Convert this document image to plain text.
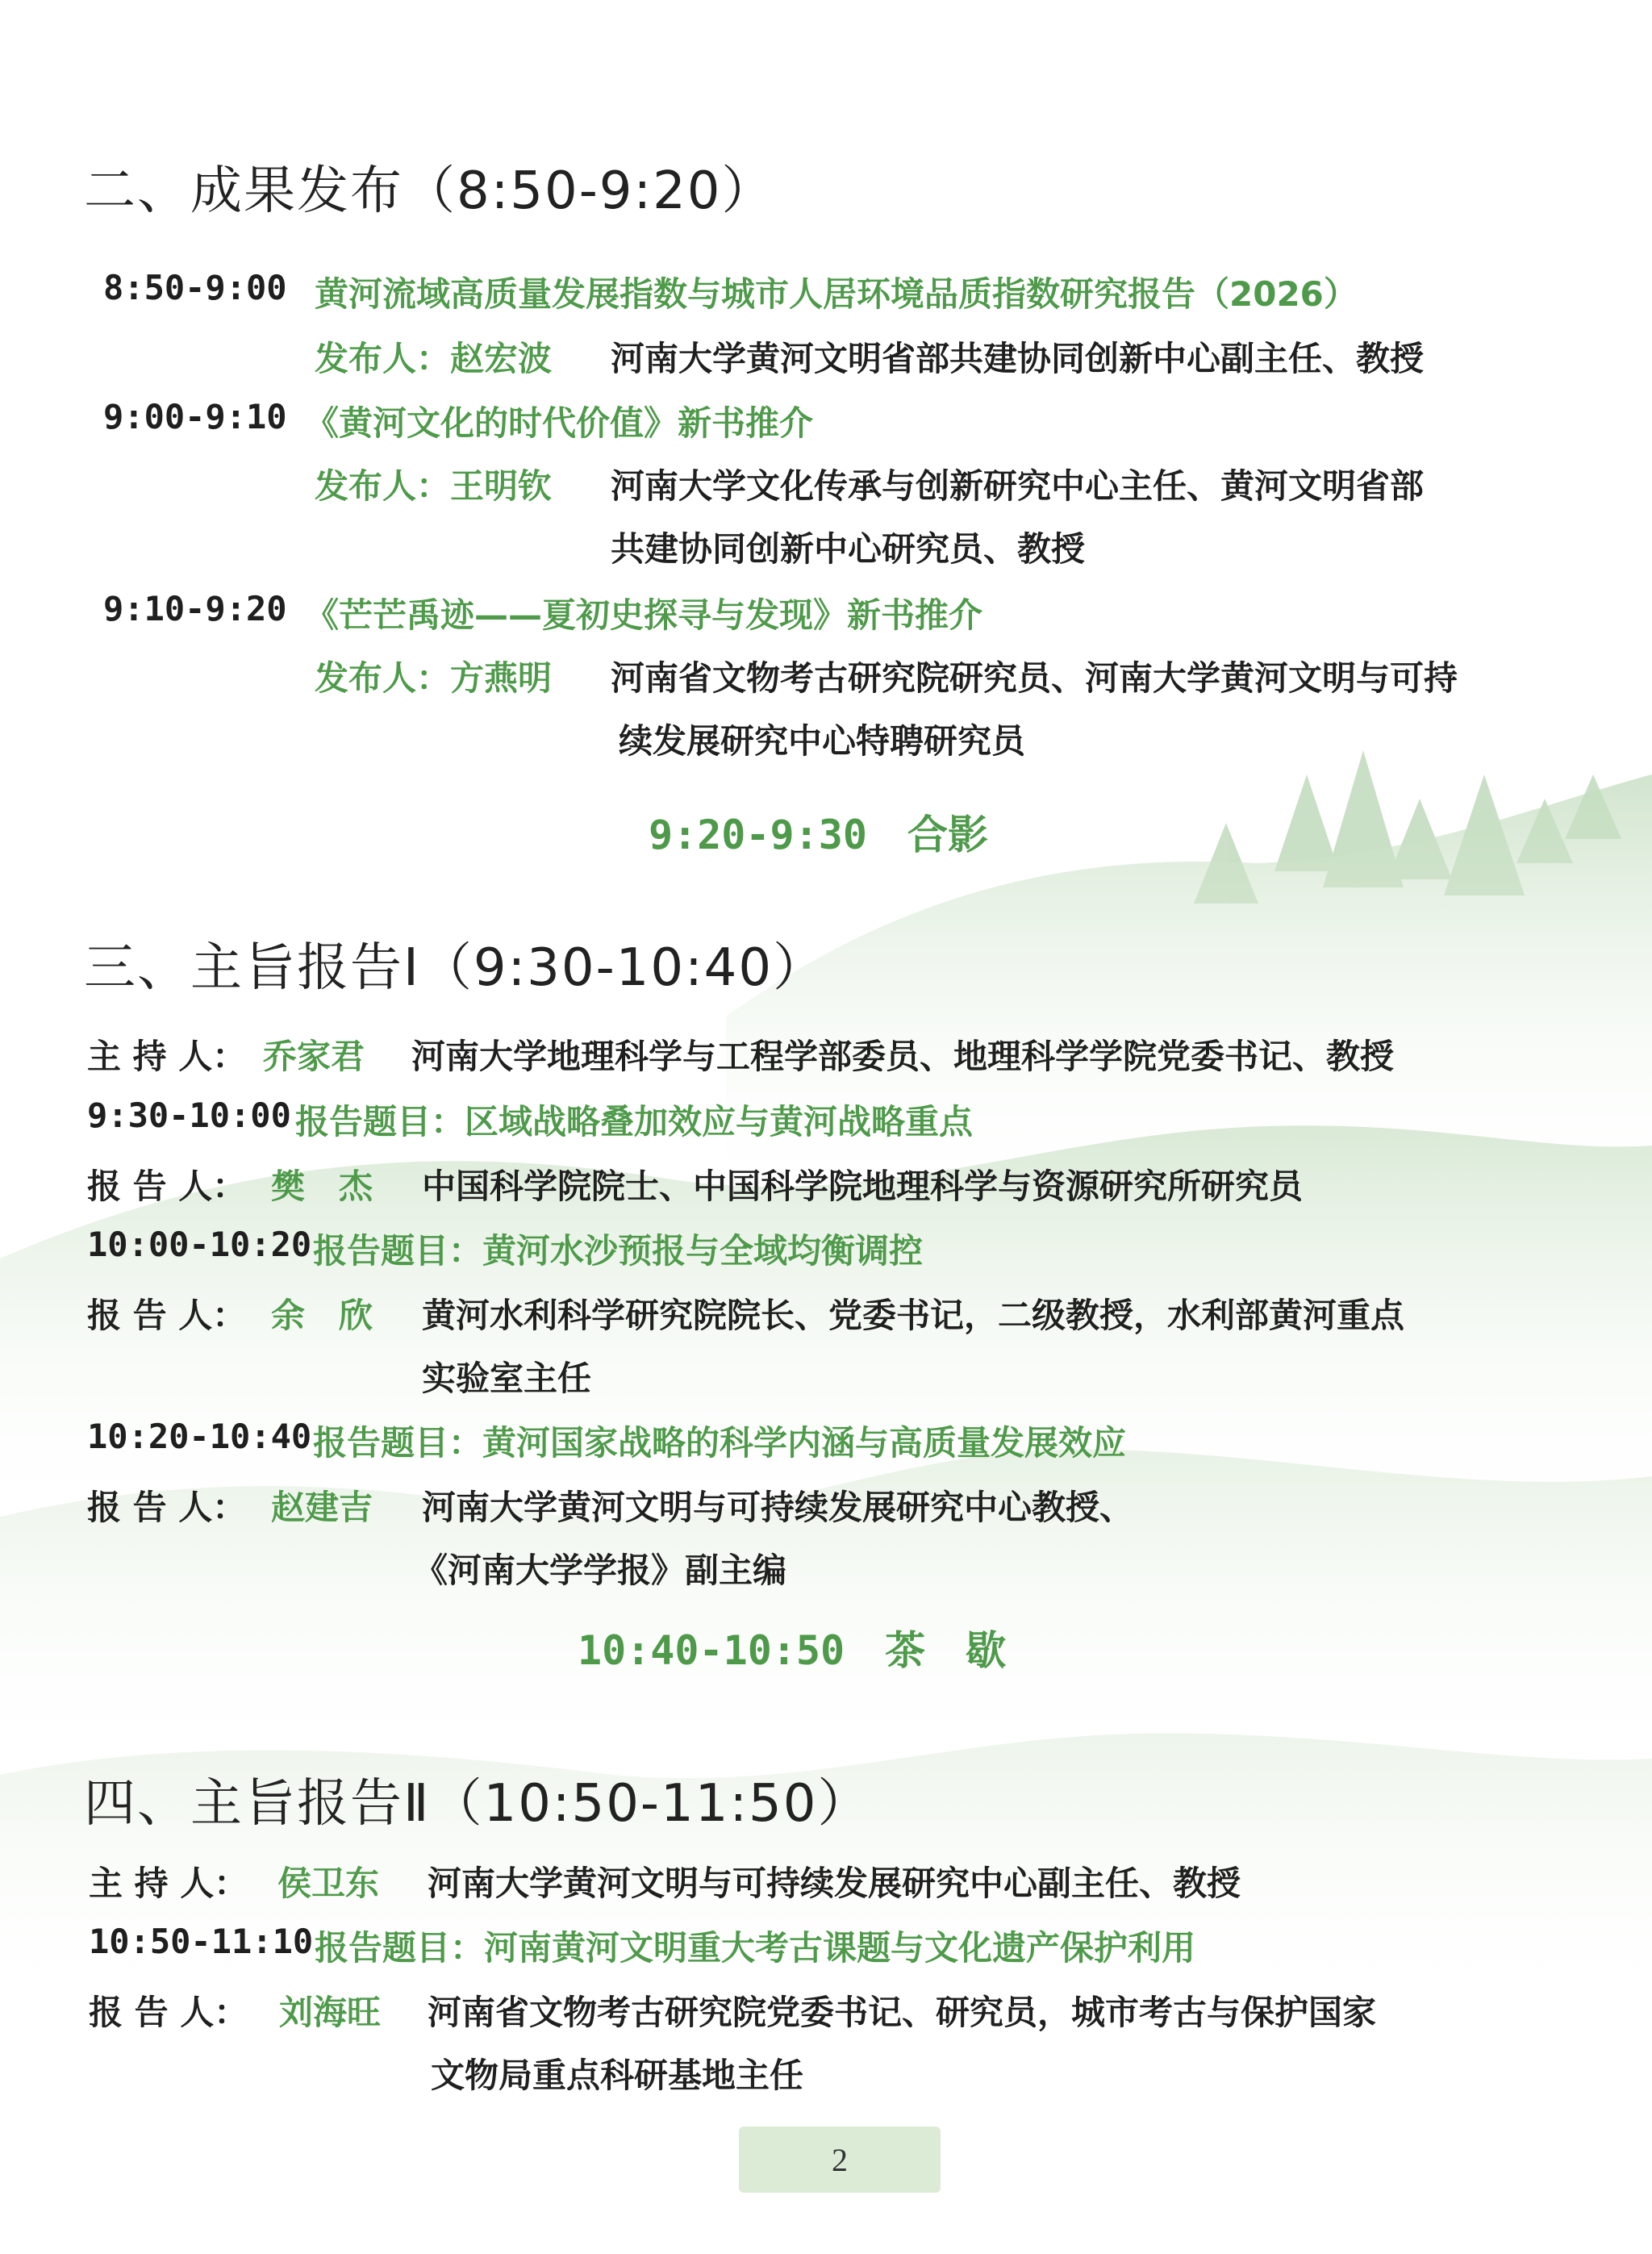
二、成果发布（8:50-9:20）
8:50-9:00 黄河流域高质量发展指数与城市人居环境品质指数研究报告（2026）
发布人：赵宏波 河南大学黄河文明省部共建协同创新中心副主任、教授
9:00-9:10 《黄河文化的时代价值》新书推介
发布人：王明钦 河南大学文化传承与创新研究中心主任、黄河文明省部
共建协同创新中心研究员、教授
9:10-9:20 《芒芒禹迹——夏初史探寻与发现》新书推介
发布人：方燕明 河南省文物考古研究院研究员、河南大学黄河文明与可持
续发展研究中心特聘研究员
9:20-9:30　合影
三、主旨报告Ⅰ（9:30-10:40）
主 持 人： 乔家君 河南大学地理科学与工程学部委员、地理科学学院党委书记、教授
9:30-10:00 报告题目：区域战略叠加效应与黄河战略重点
报 告 人： 樊　杰 中国科学院院士、中国科学院地理科学与资源研究所研究员
10:00-10:20 报告题目：黄河水沙预报与全域均衡调控
报 告 人： 余　欣 黄河水利科学研究院院长、党委书记，二级教授，水利部黄河重点
实验室主任
10:20-10:40 报告题目：黄河国家战略的科学内涵与高质量发展效应
报 告 人： 赵建吉 河南大学黄河文明与可持续发展研究中心教授、
《河南大学学报》副主编
10:40-10:50　茶　歇
四、主旨报告Ⅱ（10:50-11:50）
主 持 人： 侯卫东 河南大学黄河文明与可持续发展研究中心副主任、教授
10:50-11:10 报告题目：河南黄河文明重大考古课题与文化遗产保护利用
报 告 人： 刘海旺 河南省文物考古研究院党委书记、研究员，城市考古与保护国家
文物局重点科研基地主任
2
